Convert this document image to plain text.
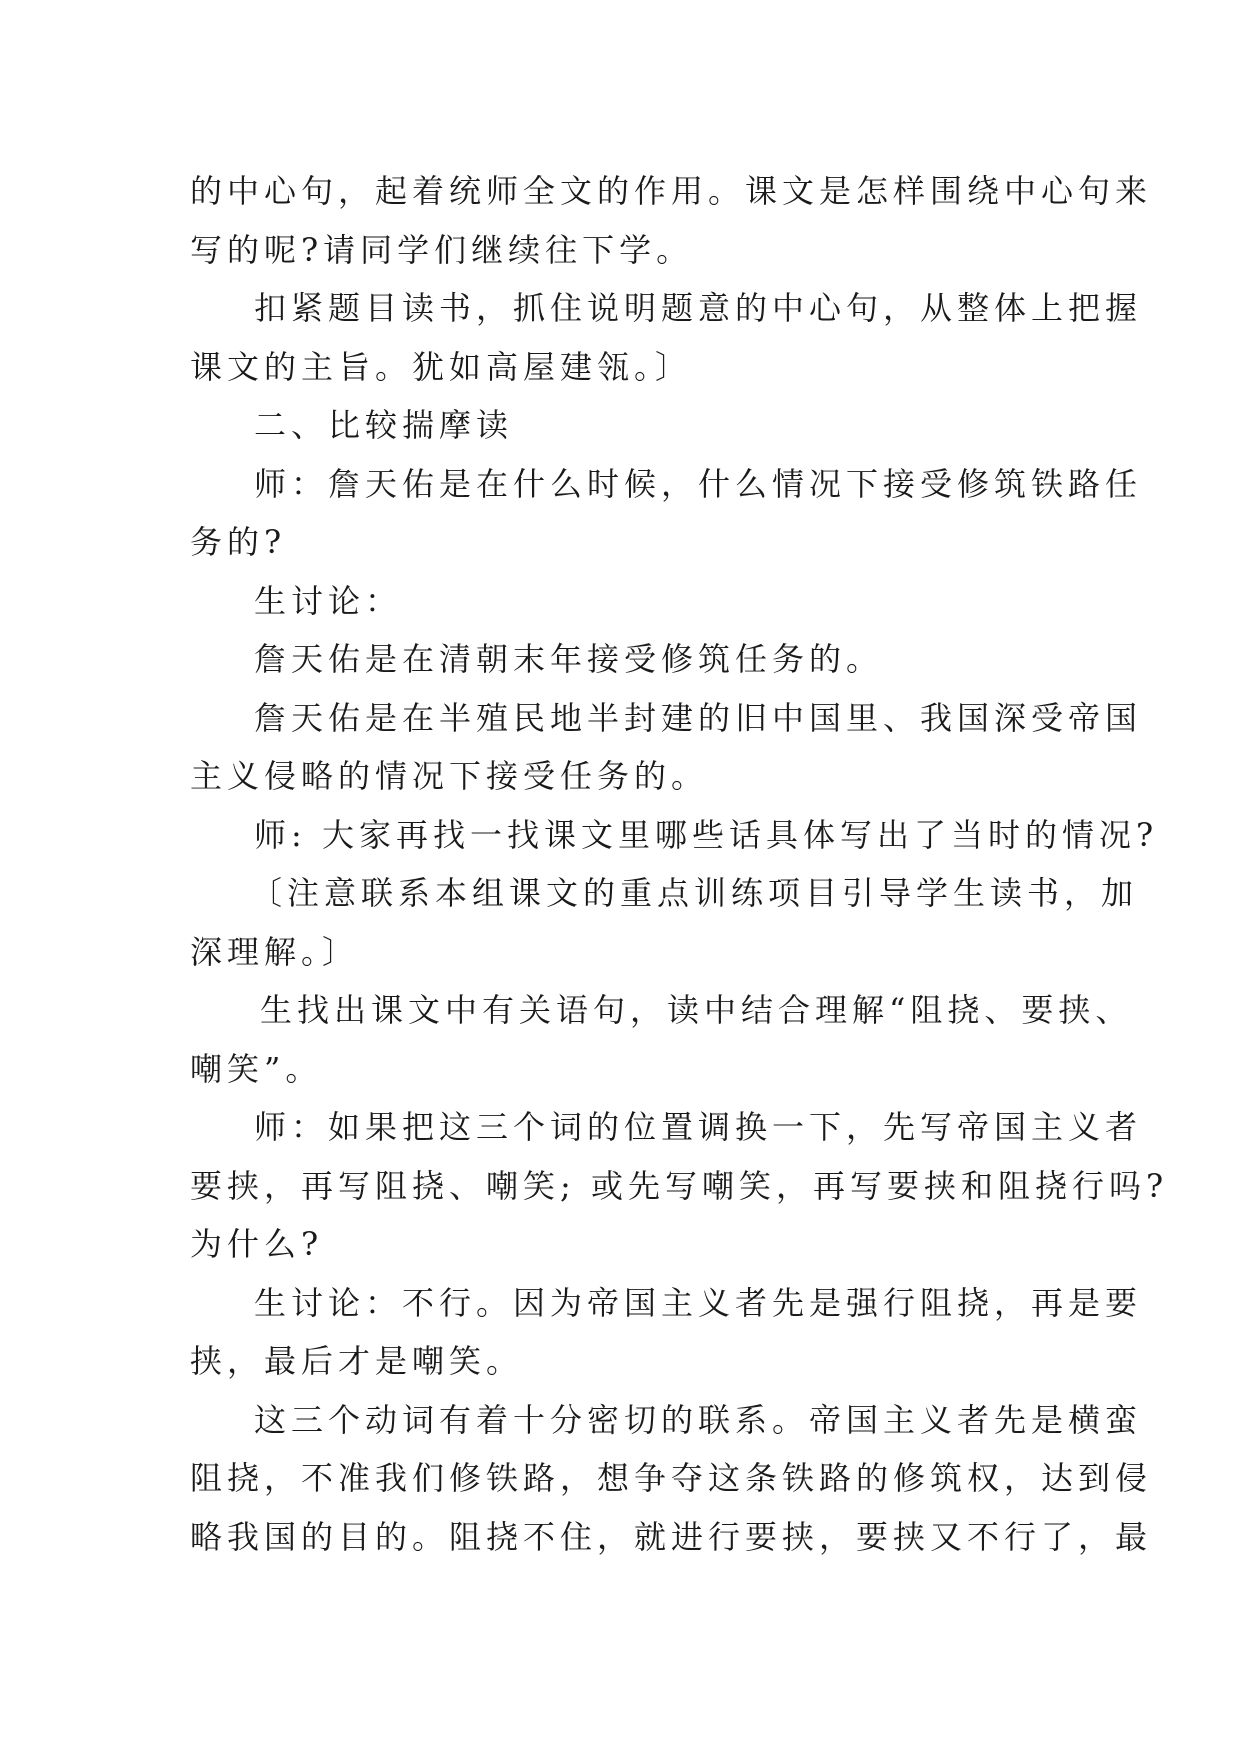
的中心句，起着统师全文的作用。课文是怎样围绕中心句来
写的呢?请同学们继续往下学。
扣紧题目读书，抓住说明题意的中心句，从整体上把握
课文的主旨。犹如高屋建瓴。〕
二、比较揣摩读
师：詹天佑是在什么时候，什么情况下接受修筑铁路任
务的?
生讨论：
詹天佑是在清朝末年接受修筑任务的。
詹天佑是在半殖民地半封建的旧中国里、我国深受帝国
主义侵略的情况下接受任务的。
师: 大家再找一找课文里哪些话具体写出了当时的情况?
〔注意联系本组课文的重点训练项目引导学生读书，加
深理解。〕
生找出课文中有关语句，读中结合理解“阻挠、要挟、
嘲笑”。
师：如果把这三个词的位置调换一下，先写帝国主义者
要挟，再写阻挠、嘲笑; 或先写嘲笑，再写要挟和阻挠行吗?
为什么?
生讨论：不行。因为帝国主义者先是强行阻挠，再是要
挟，最后才是嘲笑。
这三个动词有着十分密切的联系。帝国主义者先是横蛮
阻挠，不准我们修铁路，想争夺这条铁路的修筑权，达到侵
略我国的目的。阻挠不住，就进行要挟，要挟又不行了，最
